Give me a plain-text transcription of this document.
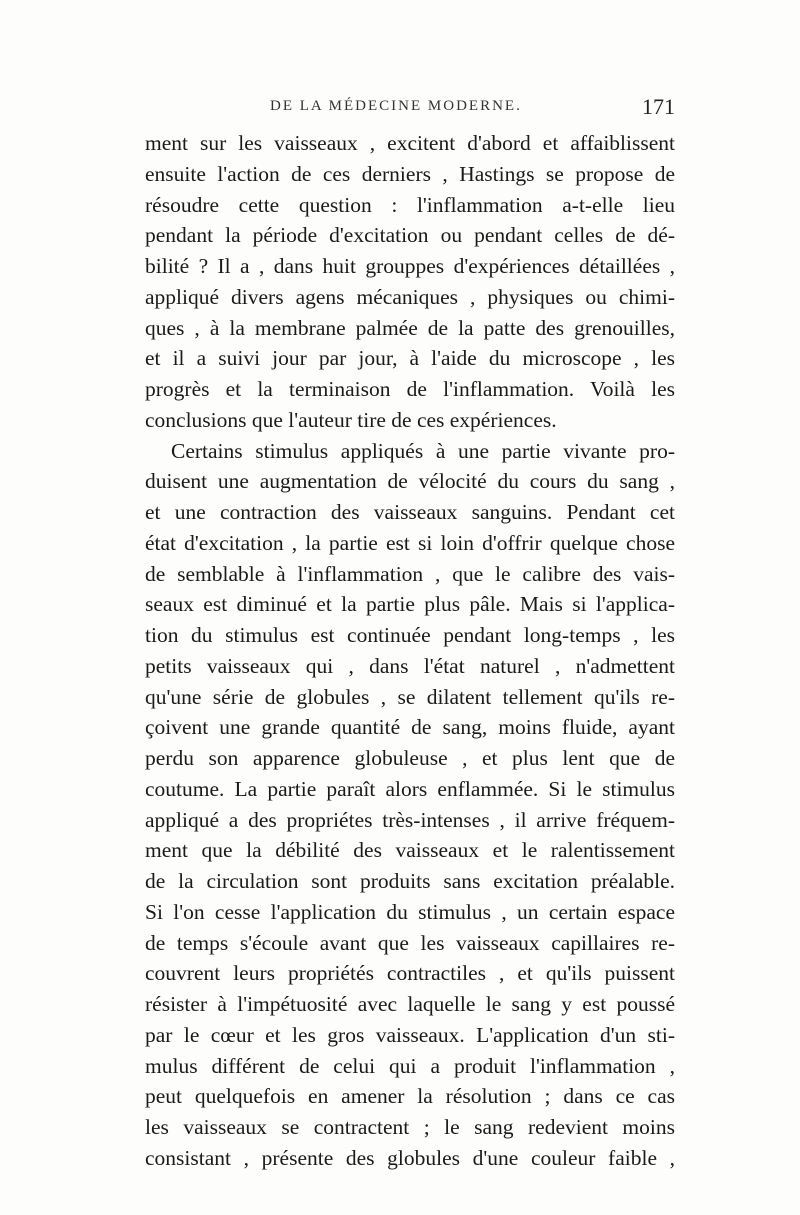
DE LA MÉDECINE MODERNE.	171
ment sur les vaisseaux , excitent d'abord et affaiblissent
ensuite l'action de ces derniers , Hastings se propose de
résoudre cette question : l'inflammation a-t-elle lieu
pendant la période d'excitation ou pendant celles de dé-
bilité ? Il a , dans huit grouppes d'expériences détaillées ,
appliqué divers agens mécaniques , physiques ou chimi-
ques , à la membrane palmée de la patte des grenouilles,
et il a suivi jour par jour, à l'aide du microscope , les
progrès et la terminaison de l'inflammation. Voilà les
conclusions que l'auteur tire de ces expériences.
Certains stimulus appliqués à une partie vivante pro-
duisent une augmentation de vélocité du cours du sang ,
et une contraction des vaisseaux sanguins. Pendant cet
état d'excitation , la partie est si loin d'offrir quelque chose
de semblable à l'inflammation , que le calibre des vais-
seaux est diminué et la partie plus pâle. Mais si l'applica-
tion du stimulus est continuée pendant long-temps , les
petits vaisseaux qui , dans l'état naturel , n'admettent
qu'une série de globules , se dilatent tellement qu'ils re-
çoivent une grande quantité de sang, moins fluide, ayant
perdu son apparence globuleuse , et plus lent que de
coutume. La partie paraît alors enflammée. Si le stimulus
appliqué a des propriétes très-intenses , il arrive fréquem-
ment que la débilité des vaisseaux et le ralentissement
de la circulation sont produits sans excitation préalable.
Si l'on cesse l'application du stimulus , un certain espace
de temps s'écoule avant que les vaisseaux capillaires re-
couvrent leurs propriétés contractiles , et qu'ils puissent
résister à l'impétuosité avec laquelle le sang y est poussé
par le cœur et les gros vaisseaux. L'application d'un sti-
mulus différent de celui qui a produit l'inflammation ,
peut quelquefois en amener la résolution ; dans ce cas
les vaisseaux se contractent ; le sang redevient moins
consistant , présente des globules d'une couleur faible ,
